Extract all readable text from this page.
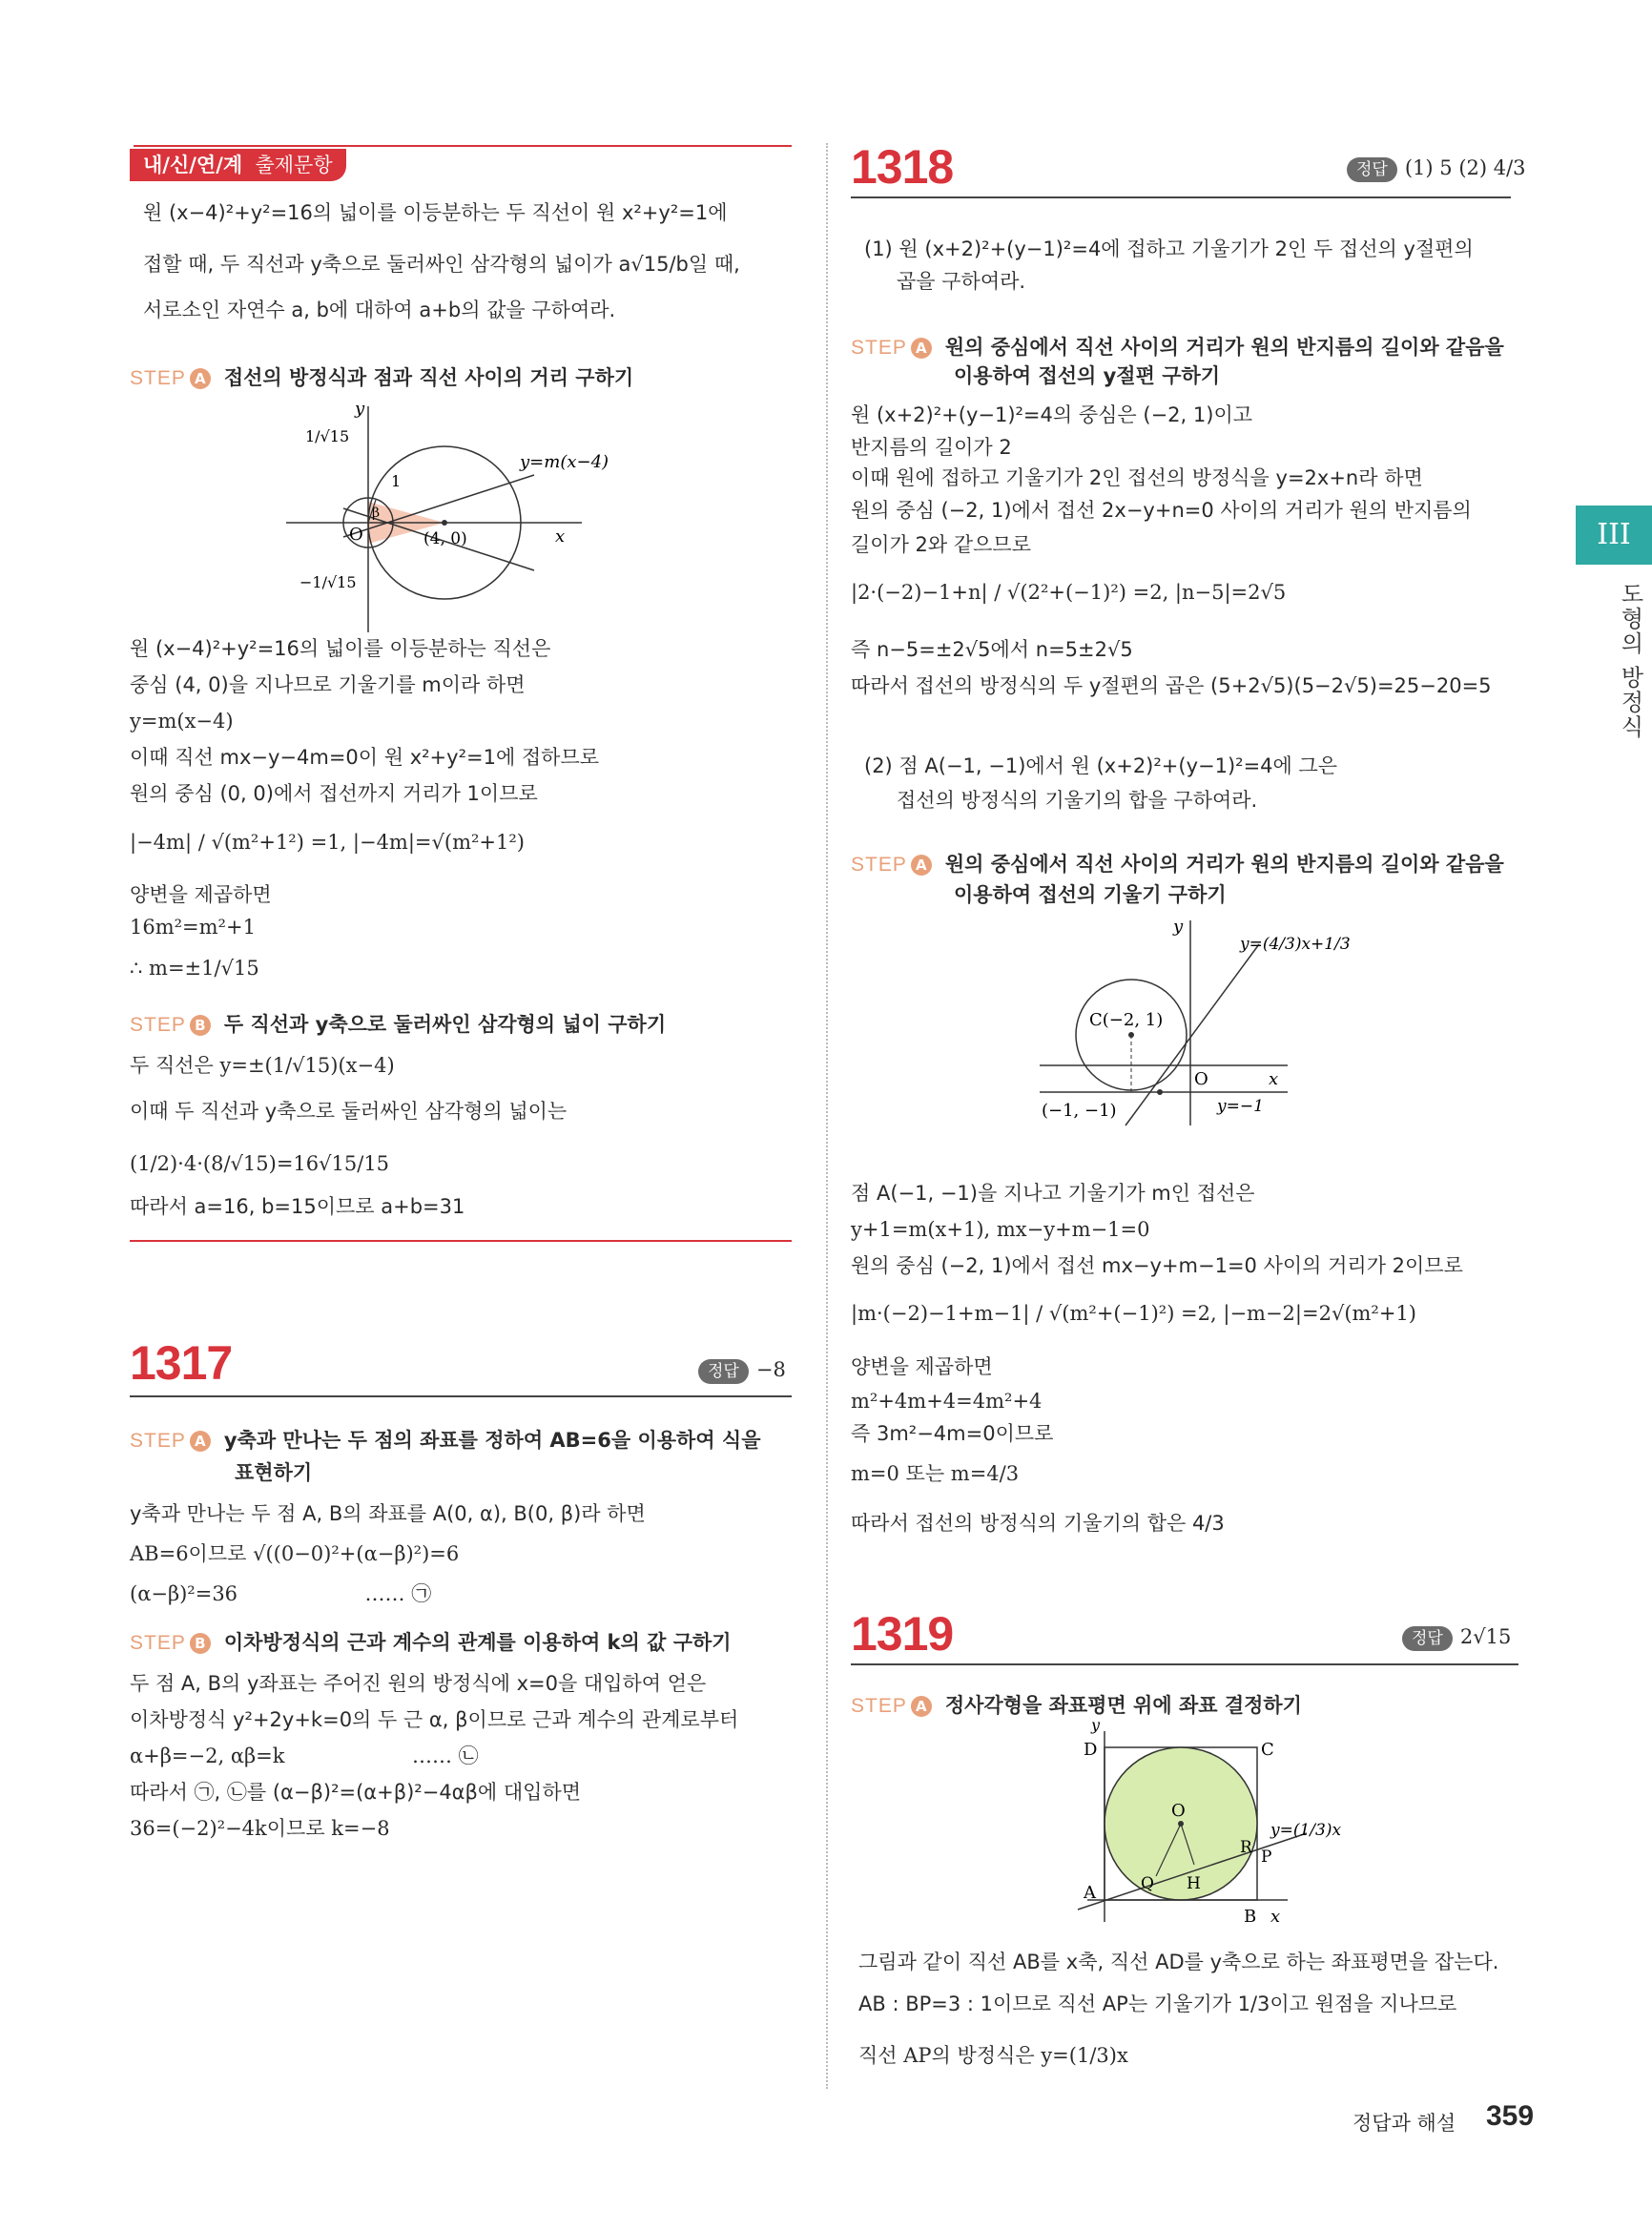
내/신/연/계 출제문항
원 (x−4)²+y²=16의 넓이를 이등분하는 두 직선이 원 x²+y²=1에
접할 때, 두 직선과 y축으로 둘러싸인 삼각형의 넓이가 a√15/b일 때,
서로소인 자연수 a, b에 대하여 a+b의 값을 구하여라.
STEP A 접선의 방정식과 점과 직선 사이의 거리 구하기
y
x
O	(4, 0)
1
β
y=m(x−4)
1/√15
−1/√15
원 (x−4)²+y²=16의 넓이를 이등분하는 직선은
중심 (4, 0)을 지나므로 기울기를 m이라 하면
y=m(x−4)
이때 직선 mx−y−4m=0이 원 x²+y²=1에 접하므로
원의 중심 (0, 0)에서 접선까지 거리가 1이므로
|−4m| / √(m²+1²) =1, |−4m|=√(m²+1²)
양변을 제곱하면
16m²=m²+1
∴ m=±1/√15
STEP B 두 직선과 y축으로 둘러싸인 삼각형의 넓이 구하기
두 직선은 y=±(1/√15)(x−4)
이때 두 직선과 y축으로 둘러싸인 삼각형의 넓이는
(1/2)·4·(8/√15)=16√15/15
따라서 a=16, b=15이므로 a+b=31
1317	정답 −8
STEP A y축과 만나는 두 점의 좌표를 정하여 AB=6을 이용하여 식을
표현하기
y축과 만나는 두 점 A, B의 좌표를 A(0, α), B(0, β)라 하면
AB=6이므로 √((0−0)²+(α−β)²)=6
(α−β)²=36                    …… ㉠
STEP B 이차방정식의 근과 계수의 관계를 이용하여 k의 값 구하기
두 점 A, B의 y좌표는 주어진 원의 방정식에 x=0을 대입하여 얻은
이차방정식 y²+2y+k=0의 두 근 α, β이므로 근과 계수의 관계로부터
α+β=−2, αβ=k                    …… ㉡
따라서 ㉠, ㉡를 (α−β)²=(α+β)²−4αβ에 대입하면
36=(−2)²−4k이므로 k=−8
1318	정답 (1) 5 (2) 4/3
(1) 원 (x+2)²+(y−1)²=4에 접하고 기울기가 2인 두 접선의 y절편의
곱을 구하여라.
STEP A 원의 중심에서 직선 사이의 거리가 원의 반지름의 길이와 같음을
이용하여 접선의 y절편 구하기
원 (x+2)²+(y−1)²=4의 중심은 (−2, 1)이고
반지름의 길이가 2
이때 원에 접하고 기울기가 2인 접선의 방정식을 y=2x+n라 하면
원의 중심 (−2, 1)에서 접선 2x−y+n=0 사이의 거리가 원의 반지름의
길이가 2와 같으므로
|2·(−2)−1+n| / √(2²+(−1)²) =2, |n−5|=2√5
즉 n−5=±2√5에서 n=5±2√5
따라서 접선의 방정식의 두 y절편의 곱은 (5+2√5)(5−2√5)=25−20=5
(2) 점 A(−1, −1)에서 원 (x+2)²+(y−1)²=4에 그은
접선의 방정식의 기울기의 합을 구하여라.
STEP A 원의 중심에서 직선 사이의 거리가 원의 반지름의 길이와 같음을
이용하여 접선의 기울기 구하기
y
x
O
C(−2, 1)
(−1, −1)
y=(4/3)x+1/3
y=−1
점 A(−1, −1)을 지나고 기울기가 m인 접선은
y+1=m(x+1), mx−y+m−1=0
원의 중심 (−2, 1)에서 접선 mx−y+m−1=0 사이의 거리가 2이므로
|m·(−2)−1+m−1| / √(m²+(−1)²) =2, |−m−2|=2√(m²+1)
양변을 제곱하면
m²+4m+4=4m²+4
즉 3m²−4m=0이므로
m=0 또는 m=4/3
따라서 접선의 방정식의 기울기의 합은 4/3
1319	정답 2√15
STEP A 정사각형을 좌표평면 위에 좌표 결정하기
y
x
D	C
A
B
O
P
Q
R
H
y=(1/3)x
그림과 같이 직선 AB를 x축, 직선 AD를 y축으로 하는 좌표평면을 잡는다.
AB : BP=3 : 1이므로 직선 AP는 기울기가 1/3이고 원점을 지나므로
직선 AP의 방정식은 y=(1/3)x
III
도형의 방정식
정답과 해설 359
